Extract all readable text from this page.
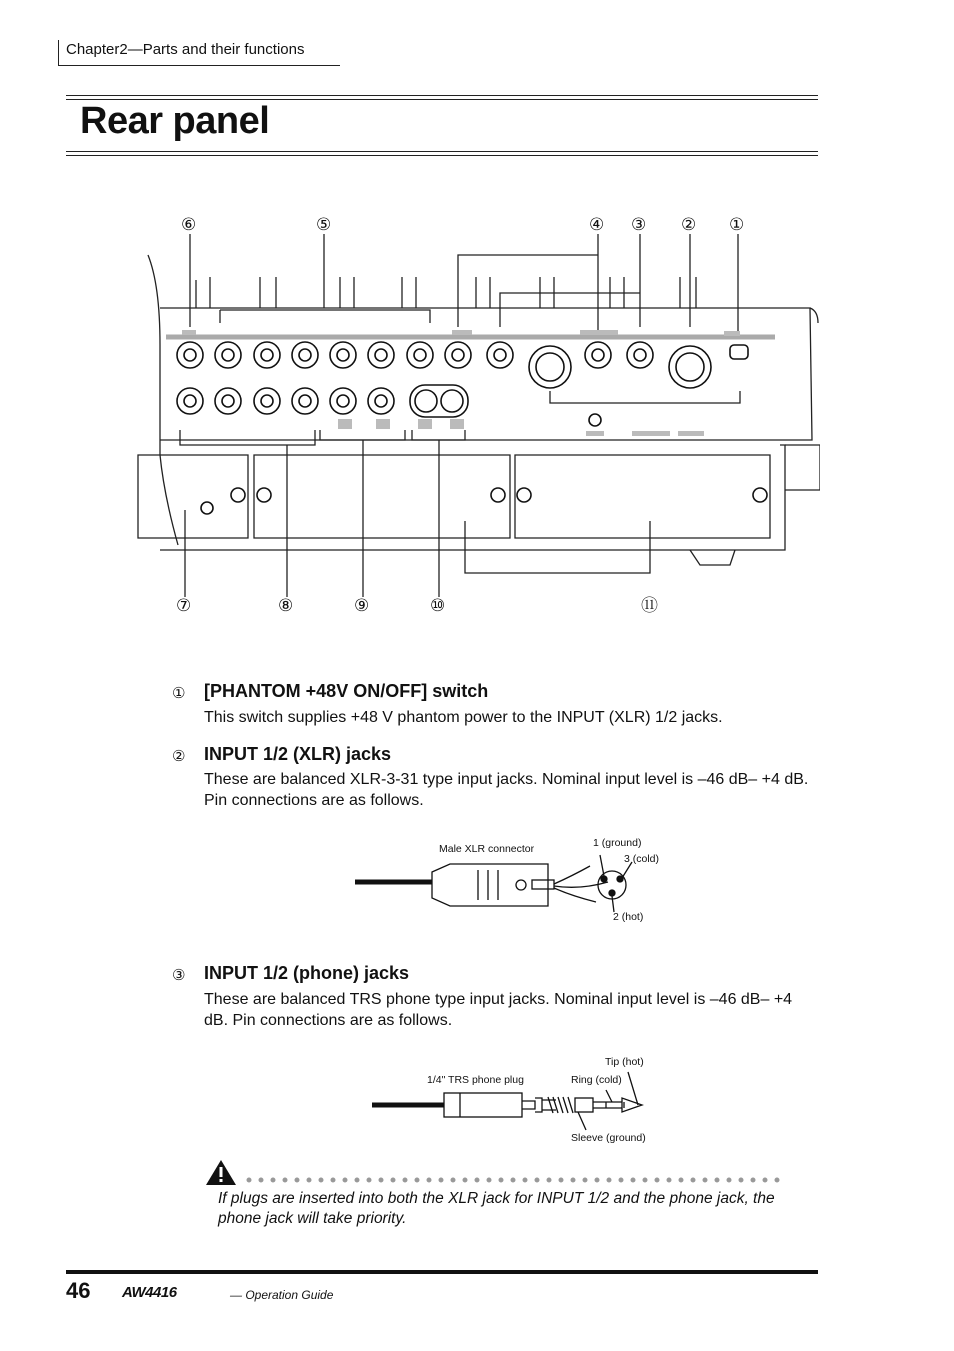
Chapter2—Parts and their functions
Rear panel
⑥	⑤	④ ③ ② ①
⑦	⑧	⑨	⑩	⑪
① [PHANTOM +48V ON/OFF] switch
This switch supplies +48 V phantom power to the INPUT (XLR) 1/2 jacks.
② INPUT 1/2 (XLR) jacks
These are balanced XLR-3-31 type input jacks. Nominal input level is –46 dB– +4 dB. Pin connections are as follows.
Male XLR connector	1 (ground)
3 (cold)
2 (hot)
③ INPUT 1/2 (phone) jacks
These are balanced TRS phone type input jacks. Nominal input level is –46 dB– +4 dB. Pin connections are as follows.
Tip (hot)
1/4" TRS phone plug	Ring (cold)
Sleeve (ground)
If plugs are inserted into both the XLR jack for INPUT 1/2 and the phone jack, the phone jack will take priority.
46 AW4416	— Operation Guide
